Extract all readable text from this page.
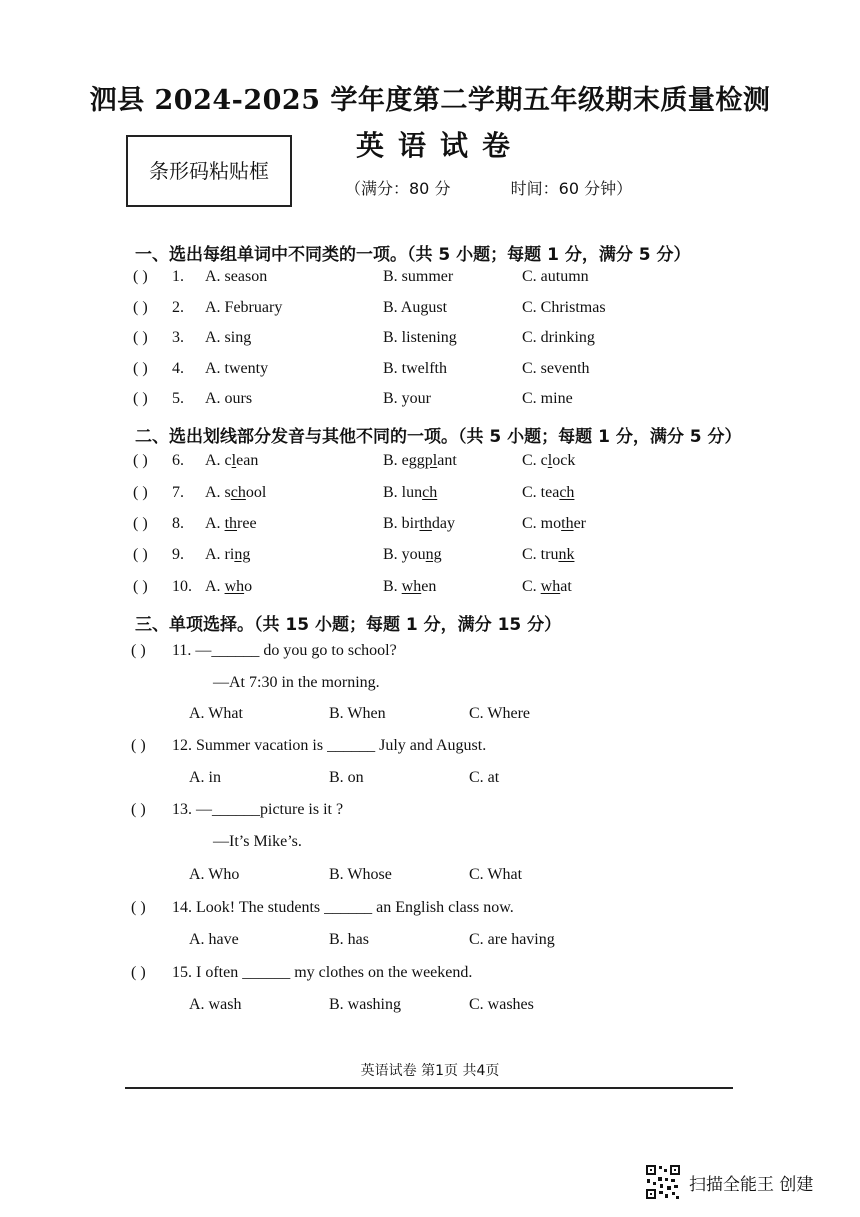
泗县 2024-2025 学年度第二学期五年级期末质量检测
英语试卷
条形码粘贴框
（满分：80 分	时间：60 分钟）
一、选出每组单词中不同类的一项。（共 5 小题；每题 1 分，满分 5 分）
( ) 1. A. season	B. summer	C. autumn
( ) 2. A. February	B. August	C. Christmas
( ) 3. A. sing	B. listening	C. drinking
( ) 4. A. twenty	B. twelfth	C. seventh
( ) 5. A. ours	B. your	C. mine
二、选出划线部分发音与其他不同的一项。（共 5 小题；每题 1 分，满分 5 分）
( ) 6. A. clean	B. eggplant	C. clock
( ) 7. A. school	B. lunch	C. teach
( ) 8. A. three	B. birthday	C. mother
( ) 9. A. ring	B. young	C. trunk
( ) 10. A. who	B. when	C. what
三、单项选择。（共 15 小题；每题 1 分，满分 15 分）
( ) 11. —______ do you go to school?
—At 7:30 in the morning.
A. What	B. When	C. Where
( ) 12. Summer vacation is ______ July and August.
A. in	B. on	C. at
( ) 13. —______picture is it ?
—It’s Mike’s.
A. Who	B. Whose	C. What
( ) 14. Look! The students ______ an English class now.
A. have	B. has	C. are having
( ) 15. I often ______ my clothes on the weekend.
A. wash	B. washing	C. washes
英语试卷 第1页 共4页
扫描全能王 创建
